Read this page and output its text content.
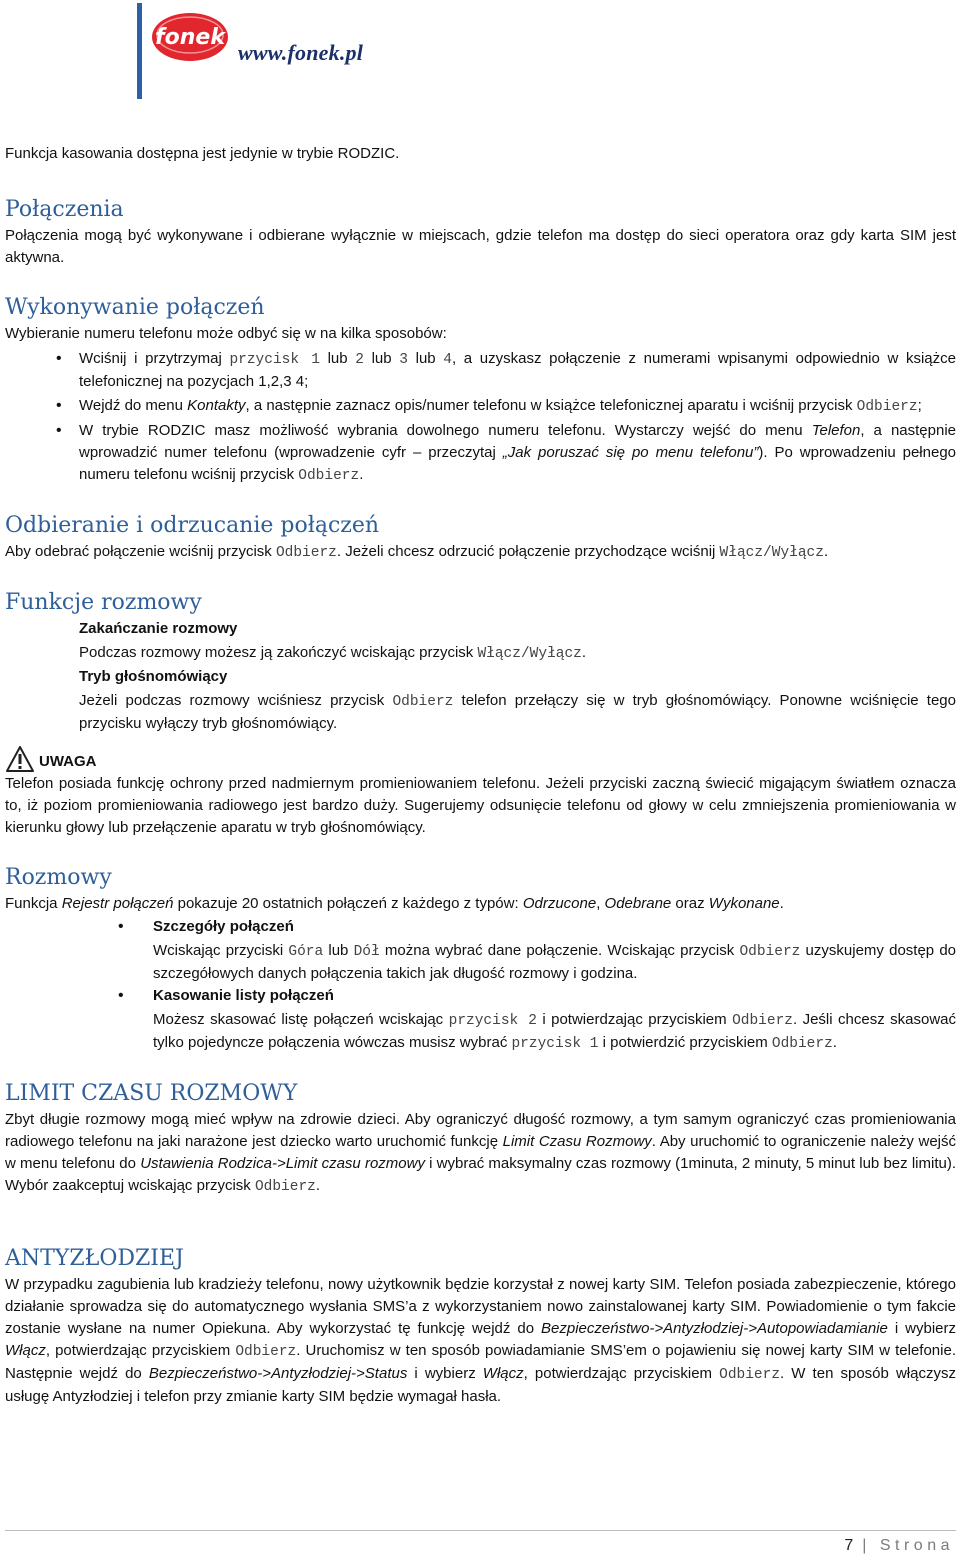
fonek
www.fonek.pl

Funkcja kasowania dostępna jest jedynie w trybie RODZIC.

Połączenia

Połączenia mogą być wykonywane i odbierane wyłącznie w miejscach, gdzie telefon ma dostęp do sieci operatora oraz gdy karta SIM jest aktywna.

Wykonywanie połączeń

Wybieranie numeru telefonu może odbyć się w na kilka sposobów:

• Wciśnij i przytrzymaj przycisk 1 lub 2 lub 3 lub 4, a uzyskasz połączenie z numerami wpisanymi odpowiednio w książce telefonicznej na pozycjach 1,2,3 4;
• Wejdź do menu Kontakty, a następnie zaznacz opis/numer telefonu w książce telefonicznej aparatu i wciśnij przycisk Odbierz;
• W trybie RODZIC masz możliwość wybrania dowolnego numeru telefonu. Wystarczy wejść do menu Telefon, a następnie wprowadzić numer telefonu (wprowadzenie cyfr – przeczytaj „Jak poruszać się po menu telefonu”). Po wprowadzeniu pełnego numeru telefonu wciśnij przycisk Odbierz.
Odbieranie i odrzucanie połączeń

Aby odebrać połączenie wciśnij przycisk Odbierz. Jeżeli chcesz odrzucić połączenie przychodzące wciśnij Włącz/Wyłącz.

Funkcje rozmowy

Zakańczanie rozmowy

Podczas rozmowy możesz ją zakończyć wciskając przycisk Włącz/Wyłącz.

Tryb głośnomówiący

Jeżeli podczas rozmowy wciśniesz przycisk Odbierz telefon przełączy się w tryb głośnomówiący. Ponowne wciśnięcie tego przycisku wyłączy tryb głośnomówiący.

UWAGA

Telefon posiada funkcję ochrony przed nadmiernym promieniowaniem telefonu. Jeżeli przyciski zaczną świecić migającym światłem oznacza to, iż poziom promieniowania radiowego jest bardzo duży. Sugerujemy odsunięcie telefonu od głowy w celu zmniejszenia promieniowania w kierunku głowy lub przełączenie aparatu w tryb głośnomówiący.

Rozmowy

Funkcja Rejestr połączeń pokazuje 20 ostatnich połączeń z każdego z typów: Odrzucone, Odebrane oraz Wykonane.

• Szczegóły połączeń
Wciskając przyciski Góra lub Dół można wybrać dane połączenie. Wciskając przycisk Odbierz uzyskujemy dostęp do szczegółowych danych połączenia takich jak długość rozmowy i godzina.
• Kasowanie listy połączeń
Możesz skasować listę połączeń wciskając przycisk 2 i potwierdzając przyciskiem Odbierz. Jeśli chcesz skasować tylko pojedyncze połączenia wówczas musisz wybrać przycisk 1 i potwierdzić przyciskiem Odbierz.
LIMIT CZASU ROZMOWY

Zbyt długie rozmowy mogą mieć wpływ na zdrowie dzieci. Aby ograniczyć długość rozmowy, a tym samym ograniczyć czas promieniowania radiowego telefonu na jaki narażone jest dziecko warto uruchomić funkcję Limit Czasu Rozmowy. Aby uruchomić to ograniczenie należy wejść w menu telefonu do Ustawienia Rodzica->Limit czasu rozmowy i wybrać maksymalny czas rozmowy (1minuta, 2 minuty, 5 minut lub bez limitu). Wybór zaakceptuj wciskając przycisk Odbierz.

ANTYZŁODZIEJ

W przypadku zagubienia lub kradzieży telefonu, nowy użytkownik będzie korzystał z nowej karty SIM. Telefon posiada zabezpieczenie, którego działanie sprowadza się do automatycznego wysłania SMS’a z wykorzystaniem nowo zainstalowanej karty SIM. Powiadomienie o tym fakcie zostanie wysłane na numer Opiekuna. Aby wykorzystać tę funkcję wejdź do Bezpieczeństwo->Antyzłodziej->Autopowiadamianie i wybierz Włącz, potwierdzając przyciskiem Odbierz. Uruchomisz w ten sposób powiadamianie SMS’em o pojawieniu się nowej karty SIM w telefonie. Następnie wejdź do Bezpieczeństwo->Antyzłodziej->Status i wybierz Włącz, potwierdzając przyciskiem Odbierz. W ten sposób włączysz usługę Antyzłodziej i telefon przy zmianie karty SIM będzie wymagał hasła.

7 | Strona
